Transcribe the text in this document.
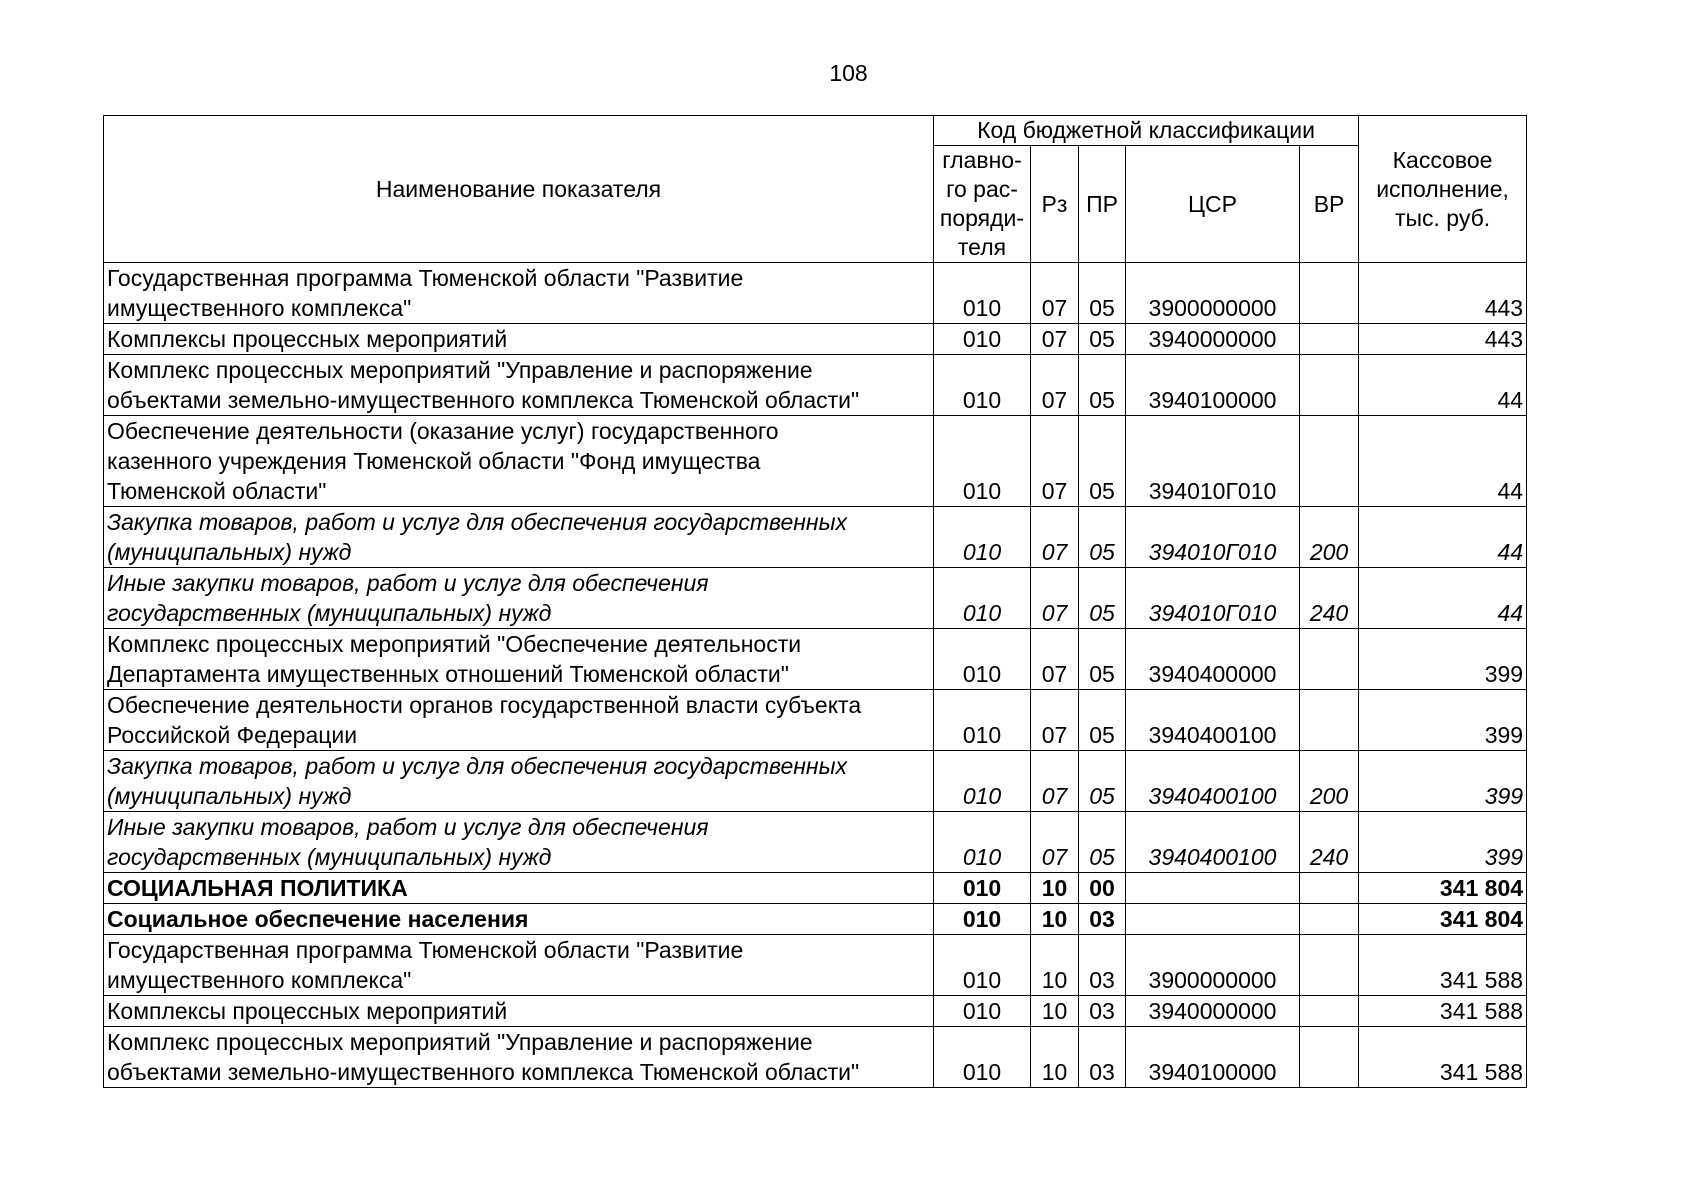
108
Наименование показателя	Код бюджетной классификации					Кассовое
исполнение,
тыс. руб.

	главно-
го рас-
поряди-
теля	Рз	ПР	ЦСР	ВР	

Государственная программа Тюменской области "Развитие
имущественного комплекса"	010	07	05	3900000000		443

Комплексы процессных мероприятий	010	07	05	3940000000		443

Комплекс процессных мероприятий "Управление и распоряжение
объектами земельно-имущественного комплекса Тюменской области"	010	07	05	3940100000		44

Обеспечение деятельности (оказание услуг) государственного
казенного учреждения Тюменской области "Фонд имущества
Тюменской области"	010	07	05	394010Г010		44

Закупка товаров, работ и услуг для обеспечения государственных
(муниципальных) нужд	010	07	05	394010Г010	200	44

Иные закупки товаров, работ и услуг для обеспечения
государственных (муниципальных) нужд	010	07	05	394010Г010	240	44

Комплекс процессных мероприятий "Обеспечение деятельности
Департамента имущественных отношений Тюменской области"	010	07	05	3940400000		399

Обеспечение деятельности органов государственной власти субъекта
Российской Федерации	010	07	05	3940400100		399

Закупка товаров, работ и услуг для обеспечения государственных
(муниципальных) нужд	010	07	05	3940400100	200	399

Иные закупки товаров, работ и услуг для обеспечения
государственных (муниципальных) нужд	010	07	05	3940400100	240	399

СОЦИАЛЬНАЯ ПОЛИТИКА	010	10	00			341 804

Социальное обеспечение населения	010	10	03			341 804

Государственная программа Тюменской области "Развитие
имущественного комплекса"	010	10	03	3900000000		341 588

Комплексы процессных мероприятий	010	10	03	3940000000		341 588

Комплекс процессных мероприятий "Управление и распоряжение
объектами земельно-имущественного комплекса Тюменской области"	010	10	03	3940100000		341 588
